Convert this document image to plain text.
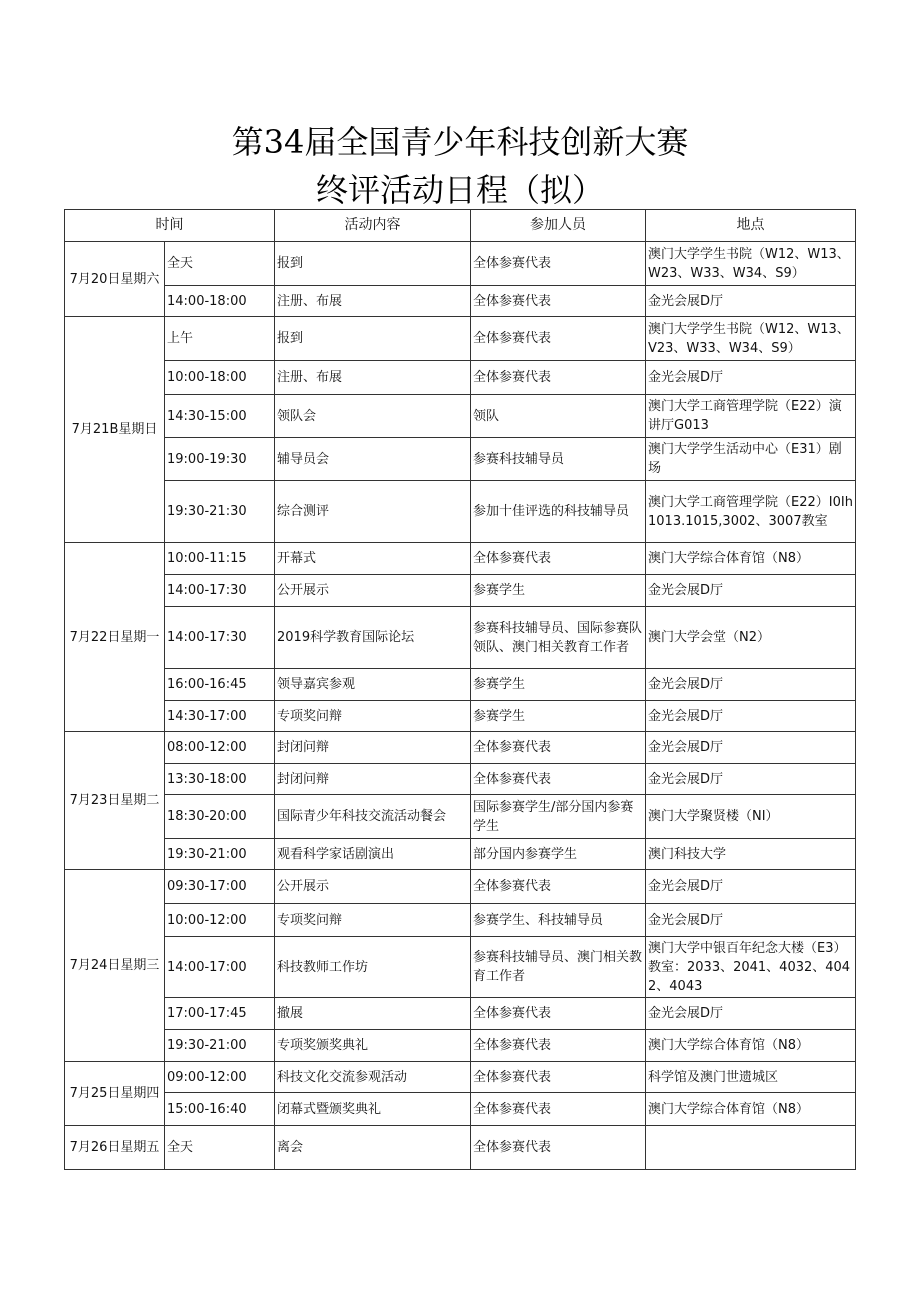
第34届全国青少年科技创新大赛
终评活动日程（拟）
时间		活动内容	参加人员	地点
7月20日星期六	全天	报到	全体参赛代表	澳门大学学生书院（W12、W13、W23、W33、W34、S9）
	14:00-18:00	注册、布展	全体参赛代表	金光会展D厅
7月21B星期日	上午	报到	全体参赛代表	澳门大学学生书院（W12、W13、V23、W33、W34、S9）
	10:00-18:00	注册、布展	全体参赛代表	金光会展D厅
	14:30-15:00	领队会	领队	澳门大学工商管理学院（E22）演讲厅G013
	19:00-19:30	辅导员会	参赛科技辅导员	澳门大学学生活动中心（E31）剧场
	19:30-21:30	综合测评	参加十佳评选的科技辅导员	澳门大学工商管理学院（E22）I0Ih1013.1015,3002、3007教室
7月22日星期一	10:00-11:15	开幕式	全体参赛代表	澳门大学综合体育馆（N8）
	14:00-17:30	公开展示	参赛学生	金光会展D厅
	14:00-17:30	2019科学教育国际论坛	参赛科技辅导员、国际参赛队领队、澳门相关教育工作者	澳门大学会堂（N2）
	16:00-16:45	领导嘉宾参观	参赛学生	金光会展D厅
	14:30-17:00	专项奖问辩	参赛学生	金光会展D厅
7月23日星期二	08:00-12:00	封闭问辩	全体参赛代表	金光会展D厅
	13:30-18:00	封闭问辩	全体参赛代表	金光会展D厅
	18:30-20:00	国际青少年科技交流活动餐会	国际参赛学生/部分国内参赛学生	澳门大学聚贤楼（NI）
	19:30-21:00	观看科学家话剧演出	部分国内参赛学生	澳门科技大学
7月24日星期三	09:30-17:00	公开展示	全体参赛代表	金光会展D厅
	10:00-12:00	专项奖问辩	参赛学生、科技辅导员	金光会展D厅
	14:00-17:00	科技教师工作坊	参赛科技辅导员、澳门相关教育工作者	澳门大学中银百年纪念大楼（E3）教室：2033、2041、4032、4042、4043
	17:00-17:45	撤展	全体参赛代表	金光会展D厅
	19:30-21:00	专项奖颁奖典礼	全体参赛代表	澳门大学综合体育馆（N8）
7月25日星期四	09:00-12:00	科技文化交流参观活动	全体参赛代表	科学馆及澳门世遗城区
	15:00-16:40	闭幕式暨颁奖典礼	全体参赛代表	澳门大学综合体育馆（N8）
7月26日星期五	全天	离会	全体参赛代表	
